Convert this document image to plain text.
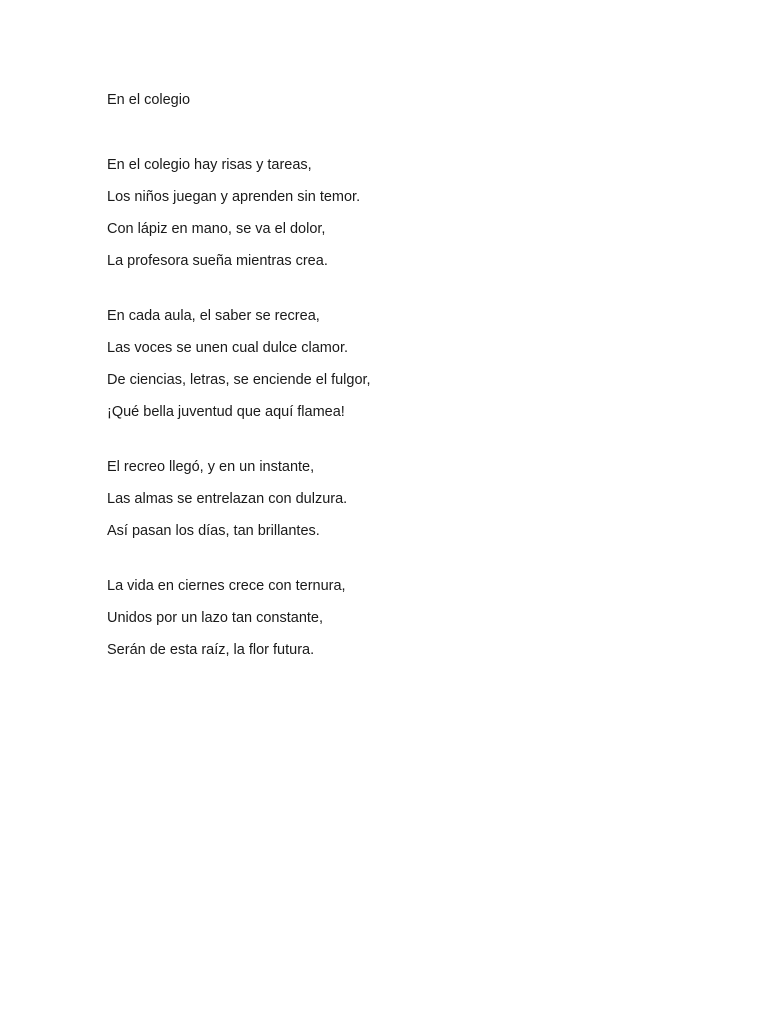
En el colegio
En el colegio hay risas y tareas,
Los niños juegan y aprenden sin temor.
Con lápiz en mano, se va el dolor,
La profesora sueña mientras crea.
En cada aula, el saber se recrea,
Las voces se unen cual dulce clamor.
De ciencias, letras, se enciende el fulgor,
¡Qué bella juventud que aquí flamea!
El recreo llegó, y en un instante,
Las almas se entrelazan con dulzura.
Así pasan los días, tan brillantes.
La vida en ciernes crece con ternura,
Unidos por un lazo tan constante,
Serán de esta raíz, la flor futura.
